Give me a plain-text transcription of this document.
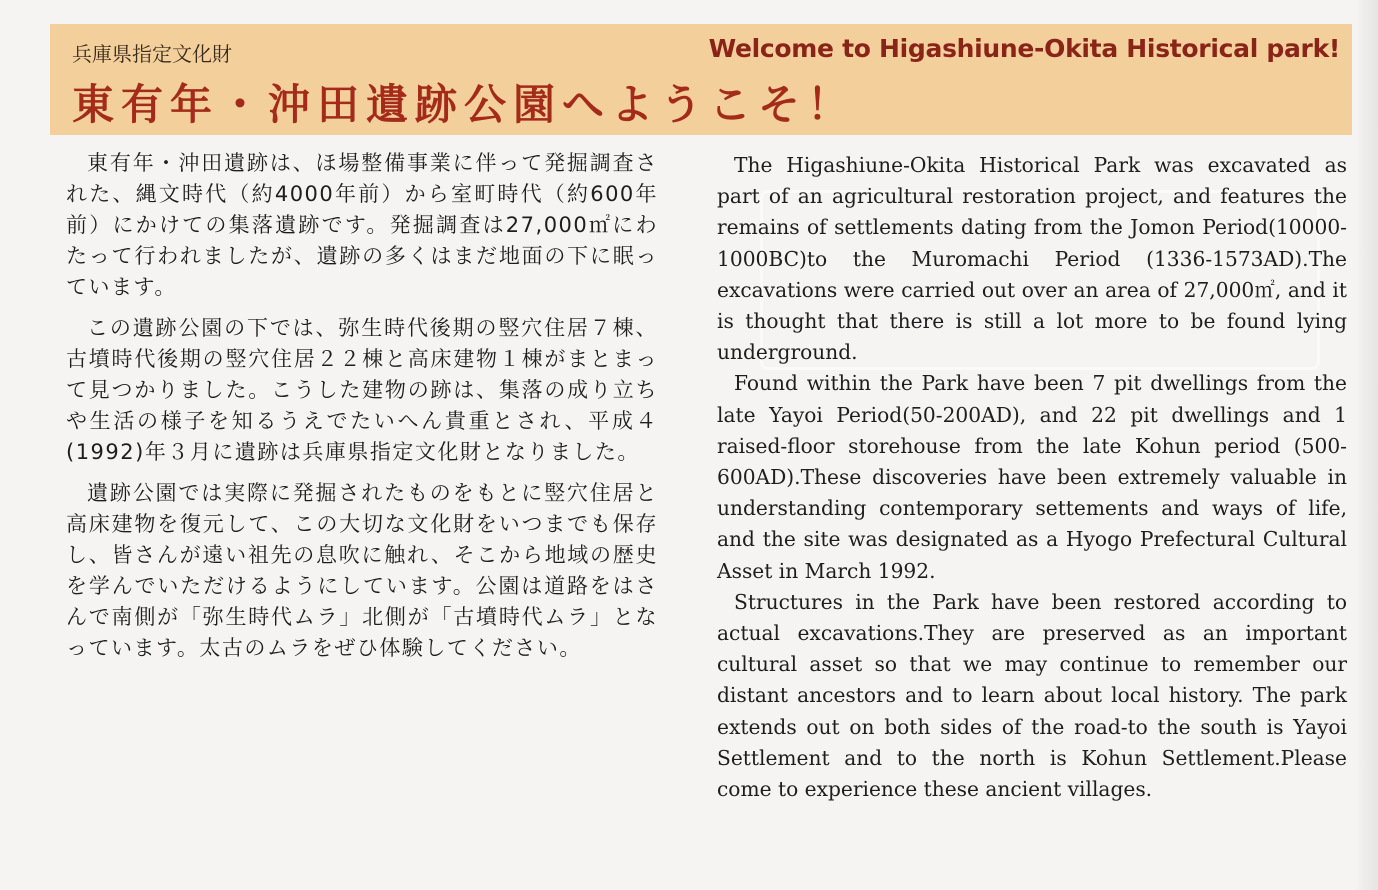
兵庫県指定文化財	Welcome to Higashiune-Okita Historical park!
東有年・沖田遺跡公園へようこそ！

東有年・沖田遺跡は、ほ場整備事業に伴って発掘調査された、縄文時代（約4000年前）から室町時代（約600年前）にかけての集落遺跡です。発掘調査は27,000㎡にわたって行われましたが、遺跡の多くはまだ地面の下に眠っています。

この遺跡公園の下では、弥生時代後期の竪穴住居７棟、古墳時代後期の竪穴住居２２棟と高床建物１棟がまとまって見つかりました。こうした建物の跡は、集落の成り立ちや生活の様子を知るうえでたいへん貴重とされ、平成４(1992)年３月に遺跡は兵庫県指定文化財となりました。

遺跡公園では実際に発掘されたものをもとに竪穴住居と高床建物を復元して、この大切な文化財をいつまでも保存し、皆さんが遠い祖先の息吹に触れ、そこから地域の歴史を学んでいただけるようにしています。公園は道路をはさんで南側が「弥生時代ムラ」北側が「古墳時代ムラ」となっています。太古のムラをぜひ体験してください。

The Higashiune-Okita Historical Park was excavated as part of an agricultural restoration project, and features the remains of settlements dating from the Jomon Period(10000-1000BC)to the Muromachi Period (1336-1573AD).The excavations were carried out over an area of 27,000㎡, and it is thought that there is still a lot more to be found lying underground.

Found within the Park have been 7 pit dwellings from the late Yayoi Period(50-200AD), and 22 pit dwellings and 1 raised-floor storehouse from the late Kohun period (500-600AD).These discoveries have been extremely valuable in understanding contemporary settements and ways of life, and the site was designated as a Hyogo Prefectural Cultural Asset in March 1992.

Structures in the Park have been restored according to actual excavations.They are preserved as an important cultural asset so that we may continue to remember our distant ancestors and to learn about local history. The park extends out on both sides of the road-to the south is Yayoi Settlement and to the north is Kohun Settlement.Please come to experience these ancient villages.
